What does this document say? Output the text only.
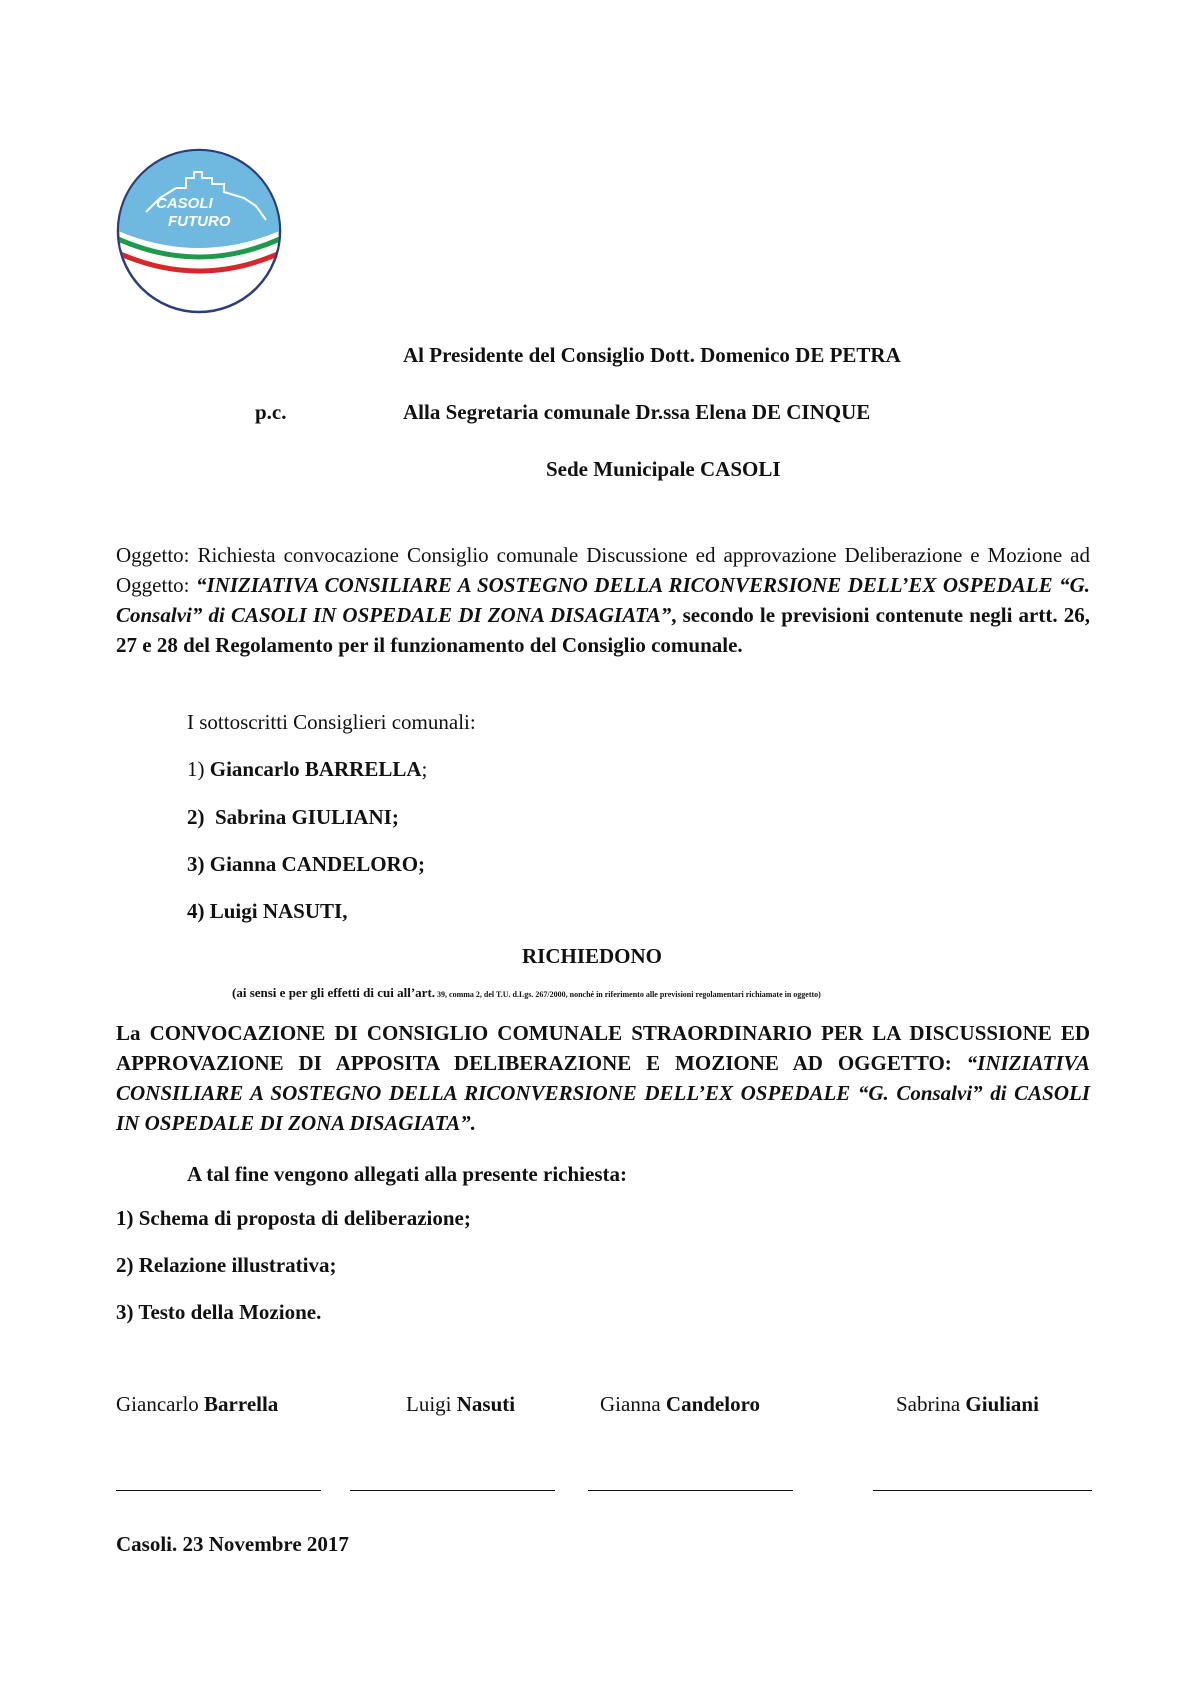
CASOLI
FUTURO
Al Presidente del Consiglio Dott. Domenico DE PETRA
p.c.	Alla Segretaria comunale Dr.ssa Elena DE CINQUE
Sede Municipale CASOLI

Oggetto: Richiesta convocazione Consiglio comunale Discussione ed approvazione Deliberazione e Mozione ad Oggetto: “INIZIATIVA CONSILIARE A SOSTEGNO DELLA RICONVERSIONE DELL’EX OSPEDALE “G. Consalvi” di CASOLI IN OSPEDALE DI ZONA DISAGIATA”, secondo le previsioni contenute negli artt. 26, 27 e 28 del Regolamento per il funzionamento del Consiglio comunale.

I sottoscritti Consiglieri comunali:
1) Giancarlo BARRELLA;
2)  Sabrina GIULIANI;
3) Gianna CANDELORO;
4) Luigi NASUTI,
RICHIEDONO
(ai sensi e per gli effetti di cui all’art. 39, comma 2, del T.U. d.Lgs. 267/2000, nonché in riferimento alle previsioni regolamentari richiamate in oggetto)

La CONVOCAZIONE DI CONSIGLIO COMUNALE STRAORDINARIO PER LA DISCUSSIONE ED APPROVAZIONE DI APPOSITA DELIBERAZIONE E MOZIONE AD OGGETTO: “INIZIATIVA CONSILIARE A SOSTEGNO DELLA RICONVERSIONE DELL’EX OSPEDALE “G. Consalvi” di CASOLI IN OSPEDALE DI ZONA DISAGIATA”.

A tal fine vengono allegati alla presente richiesta:
1) Schema di proposta di deliberazione;
2) Relazione illustrativa;
3) Testo della Mozione.
Giancarlo Barrella	Luigi Nasuti	Gianna Candeloro	Sabrina Giuliani
Casoli. 23 Novembre 2017
